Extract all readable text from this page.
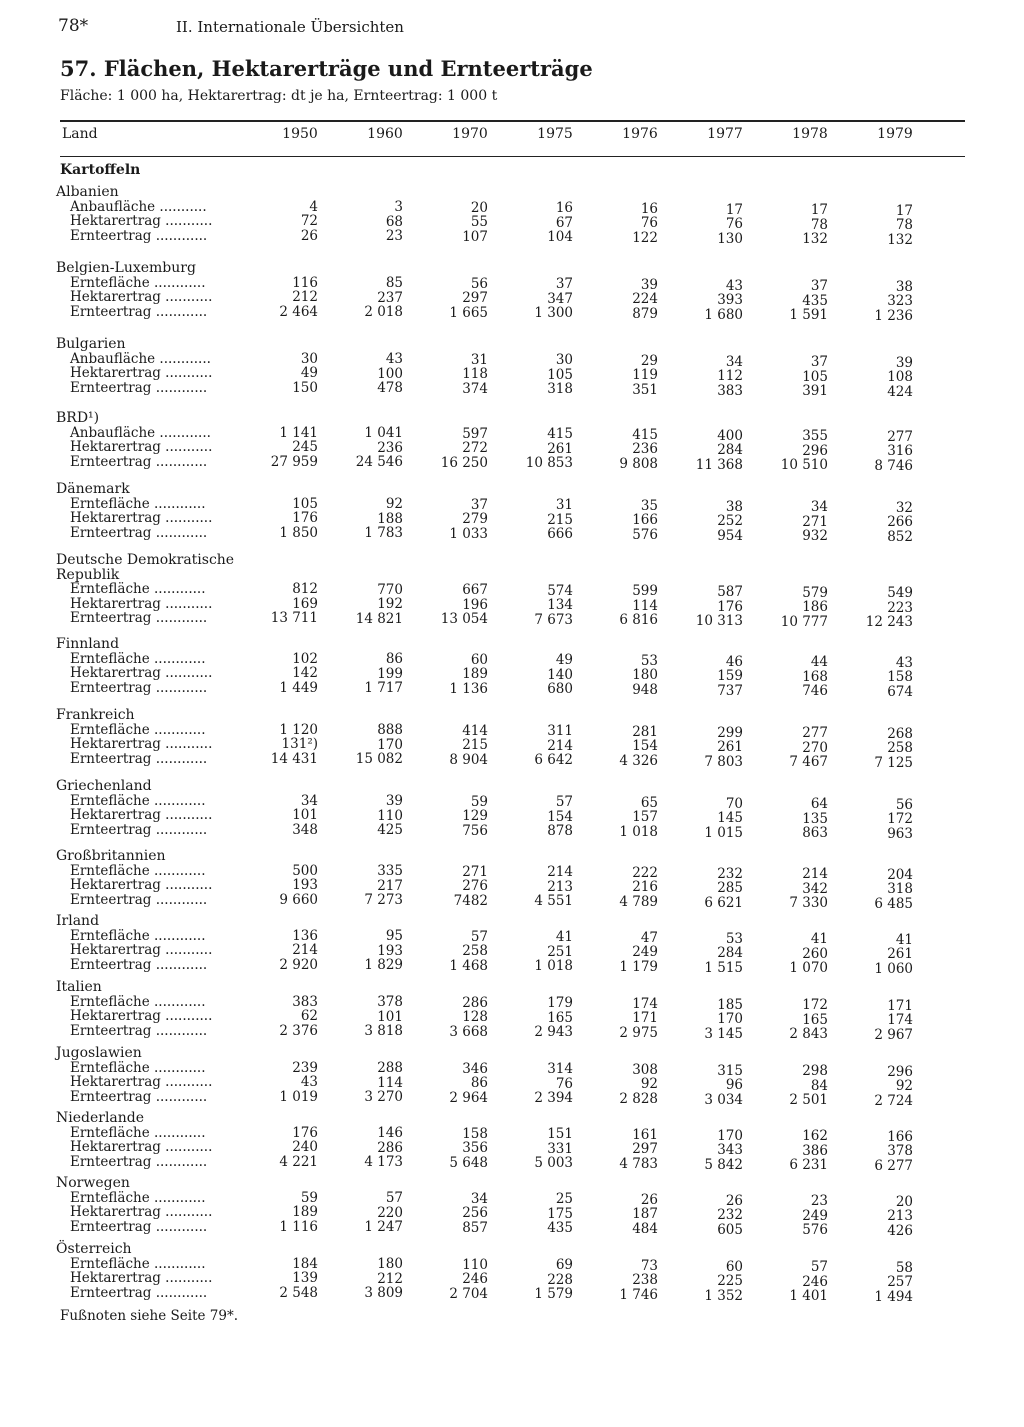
78*	II. Internationale Übersichten
57. Flächen, Hektarerträge und Ernteerträge
Fläche: 1 000 ha, Hektarertrag: dt je ha, Ernteertrag: 1 000 t
Land	1950	1960	1970	1975	1976	1977	1978	1979
Kartoffeln
Albanien
Anbaufläche ...........	4	3	20	16	16	17	17	17
Hektarertrag ...........	72	68	55	67	76	76	78	78
Ernteertrag ............	26	23	107	104	122	130	132	132
Belgien-Luxemburg
Erntefläche ............	116	85	56	37	39	43	37	38
Hektarertrag ...........	212	237	297	347	224	393	435	323
Ernteertrag ............	2 464	2 018	1 665	1 300	879	1 680	1 591	1 236
Bulgarien
Anbaufläche ............	30	43	31	30	29	34	37	39
Hektarertrag ...........	49	100	118	105	119	112	105	108
Ernteertrag ............	150	478	374	318	351	383	391	424
BRD¹)
Anbaufläche ............	1 141	1 041	597	415	415	400	355	277
Hektarertrag ...........	245	236	272	261	236	284	296	316
Ernteertrag ............	27 959	24 546	16 250	10 853	9 808	11 368	10 510	8 746
Dänemark
Erntefläche ............	105	92	37	31	35	38	34	32
Hektarertrag ...........	176	188	279	215	166	252	271	266
Ernteertrag ............	1 850	1 783	1 033	666	576	954	932	852
Deutsche Demokratische Republik
Erntefläche ............	812	770	667	574	599	587	579	549
Hektarertrag ...........	169	192	196	134	114	176	186	223
Ernteertrag ............	13 711	14 821	13 054	7 673	6 816	10 313	10 777	12 243
Finnland
Erntefläche ............	102	86	60	49	53	46	44	43
Hektarertrag ...........	142	199	189	140	180	159	168	158
Ernteertrag ............	1 449	1 717	1 136	680	948	737	746	674
Frankreich
Erntefläche ............	1 120	888	414	311	281	299	277	268
Hektarertrag ...........	131²)	170	215	214	154	261	270	258
Ernteertrag ............	14 431	15 082	8 904	6 642	4 326	7 803	7 467	7 125
Griechenland
Erntefläche ............	34	39	59	57	65	70	64	56
Hektarertrag ...........	101	110	129	154	157	145	135	172
Ernteertrag ............	348	425	756	878	1 018	1 015	863	963
Großbritannien
Erntefläche ............	500	335	271	214	222	232	214	204
Hektarertrag ...........	193	217	276	213	216	285	342	318
Ernteertrag ............	9 660	7 273	7482	4 551	4 789	6 621	7 330	6 485
Irland
Erntefläche ............	136	95	57	41	47	53	41	41
Hektarertrag ...........	214	193	258	251	249	284	260	261
Ernteertrag ............	2 920	1 829	1 468	1 018	1 179	1 515	1 070	1 060
Italien
Erntefläche ............	383	378	286	179	174	185	172	171
Hektarertrag ...........	62	101	128	165	171	170	165	174
Ernteertrag ............	2 376	3 818	3 668	2 943	2 975	3 145	2 843	2 967
Jugoslawien
Erntefläche ............	239	288	346	314	308	315	298	296
Hektarertrag ...........	43	114	86	76	92	96	84	92
Ernteertrag ............	1 019	3 270	2 964	2 394	2 828	3 034	2 501	2 724
Niederlande
Erntefläche ............	176	146	158	151	161	170	162	166
Hektarertrag ...........	240	286	356	331	297	343	386	378
Ernteertrag ............	4 221	4 173	5 648	5 003	4 783	5 842	6 231	6 277
Norwegen
Erntefläche ............	59	57	34	25	26	26	23	20
Hektarertrag ...........	189	220	256	175	187	232	249	213
Ernteertrag ............	1 116	1 247	857	435	484	605	576	426
Österreich
Erntefläche ............	184	180	110	69	73	60	57	58
Hektarertrag ...........	139	212	246	228	238	225	246	257
Ernteertrag ............	2 548	3 809	2 704	1 579	1 746	1 352	1 401	1 494
Fußnoten siehe Seite 79*.
